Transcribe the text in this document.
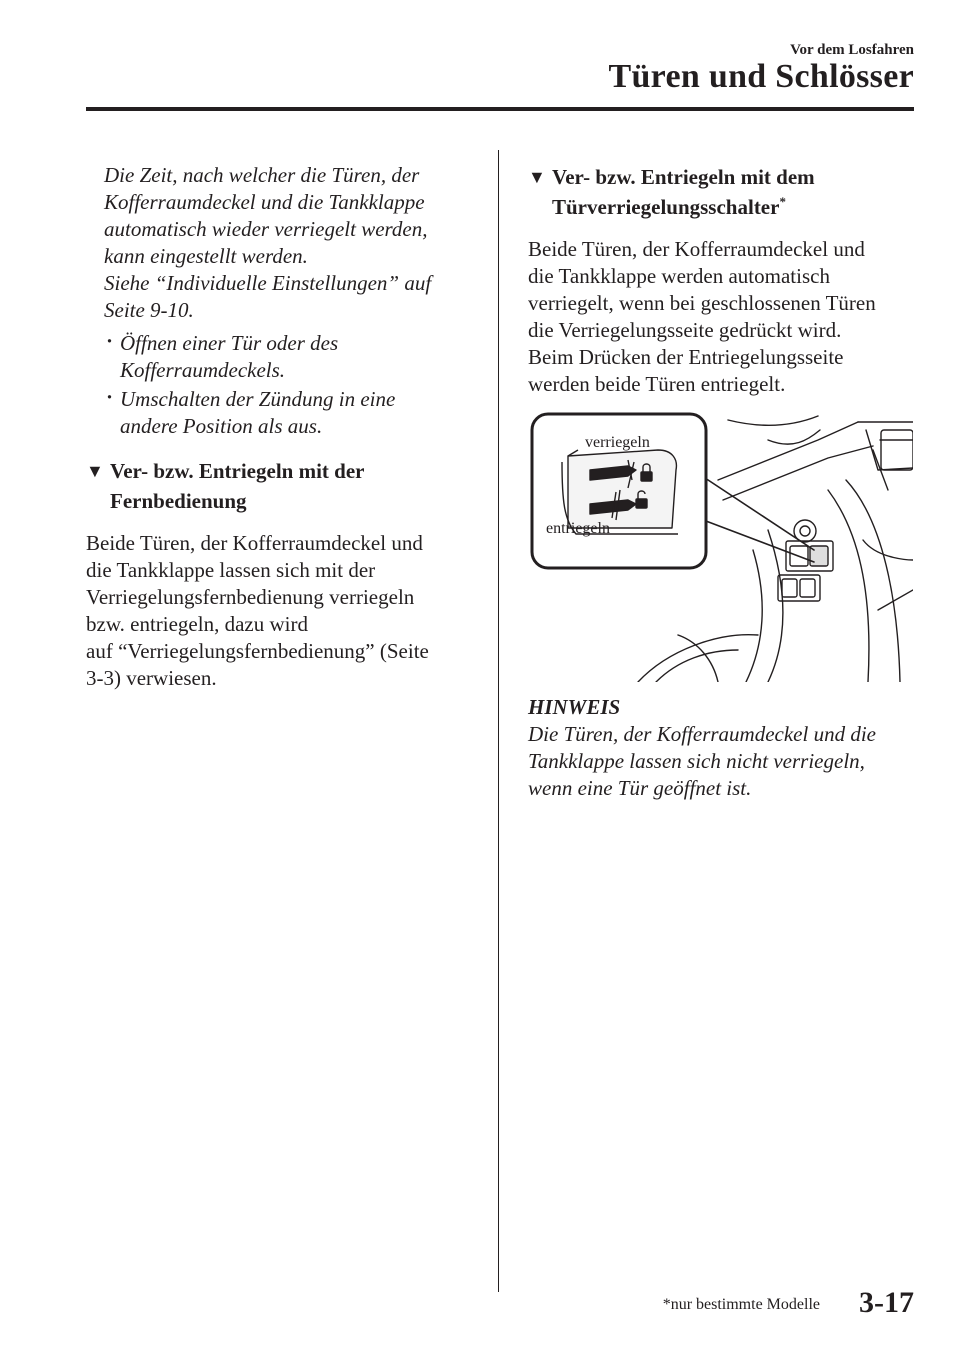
Vor dem Losfahren
Türen und Schlösser
Die Zeit, nach welcher die Türen, der
Kofferraumdeckel und die Tankklappe
automatisch wieder verriegelt werden,
kann eingestellt werden.
Siehe “Individuelle Einstellungen” auf
Seite 9-10.
· Öffnen einer Tür oder des
Kofferraumdeckels.
· Umschalten der Zündung in eine
andere Position als aus.
▼ Ver- bzw. Entriegeln mit der
Fernbedienung
Beide Türen, der Kofferraumdeckel und
die Tankklappe lassen sich mit der
Verriegelungsfernbedienung verriegeln
bzw. entriegeln, dazu wird
auf “Verriegelungsfernbedienung” (Seite
3-3) verwiesen.
▼ Ver- bzw. Entriegeln mit dem
Türverriegelungsschalter*
Beide Türen, der Kofferraumdeckel und
die Tankklappe werden automatisch
verriegelt, wenn bei geschlossenen Türen
die Verriegelungsseite gedrückt wird.
Beim Drücken der Entriegelungsseite
werden beide Türen entriegelt.
verriegeln
entriegeln
HINWEIS
Die Türen, der Kofferraumdeckel und die
Tankklappe lassen sich nicht verriegeln,
wenn eine Tür geöffnet ist.
*nur bestimmte Modelle 3-17
